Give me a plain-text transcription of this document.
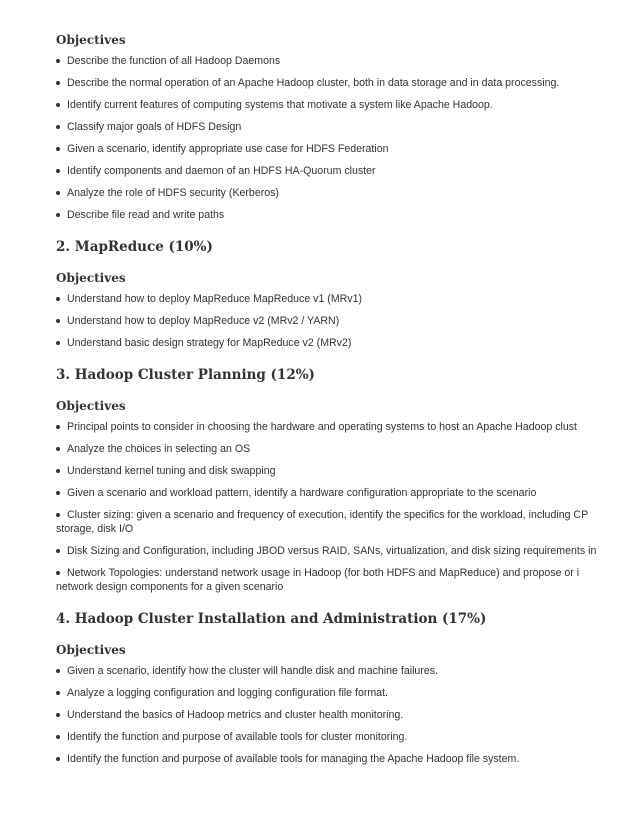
Objectives
Describe the function of all Hadoop Daemons
Describe the normal operation of an Apache Hadoop cluster, both in data storage and in data processing.
Identify current features of computing systems that motivate a system like Apache Hadoop.
Classify major goals of HDFS Design
Given a scenario, identify appropriate use case for HDFS Federation
Identify components and daemon of an HDFS HA-Quorum cluster
Analyze the role of HDFS security (Kerberos)
Describe file read and write paths
2. MapReduce (10%)
Objectives
Understand how to deploy MapReduce MapReduce v1 (MRv1)
Understand how to deploy MapReduce v2 (MRv2 / YARN)
Understand basic design strategy for MapReduce v2 (MRv2)
3. Hadoop Cluster Planning (12%)
Objectives
Principal points to consider in choosing the hardware and operating systems to host an Apache Hadoop clust
Analyze the choices in selecting an OS
Understand kernel tuning and disk swapping
Given a scenario and workload pattern, identify a hardware configuration appropriate to the scenario
Cluster sizing: given a scenario and frequency of execution, identify the specifics for the workload, including CP
storage, disk I/O
Disk Sizing and Configuration, including JBOD versus RAID, SANs, virtualization, and disk sizing requirements in
Network Topologies: understand network usage in Hadoop (for both HDFS and MapReduce) and propose or i
network design components for a given scenario
4. Hadoop Cluster Installation and Administration (17%)
Objectives
Given a scenario, identify how the cluster will handle disk and machine failures.
Analyze a logging configuration and logging configuration file format.
Understand the basics of Hadoop metrics and cluster health monitoring.
Identify the function and purpose of available tools for cluster monitoring.
Identify the function and purpose of available tools for managing the Apache Hadoop file system.
